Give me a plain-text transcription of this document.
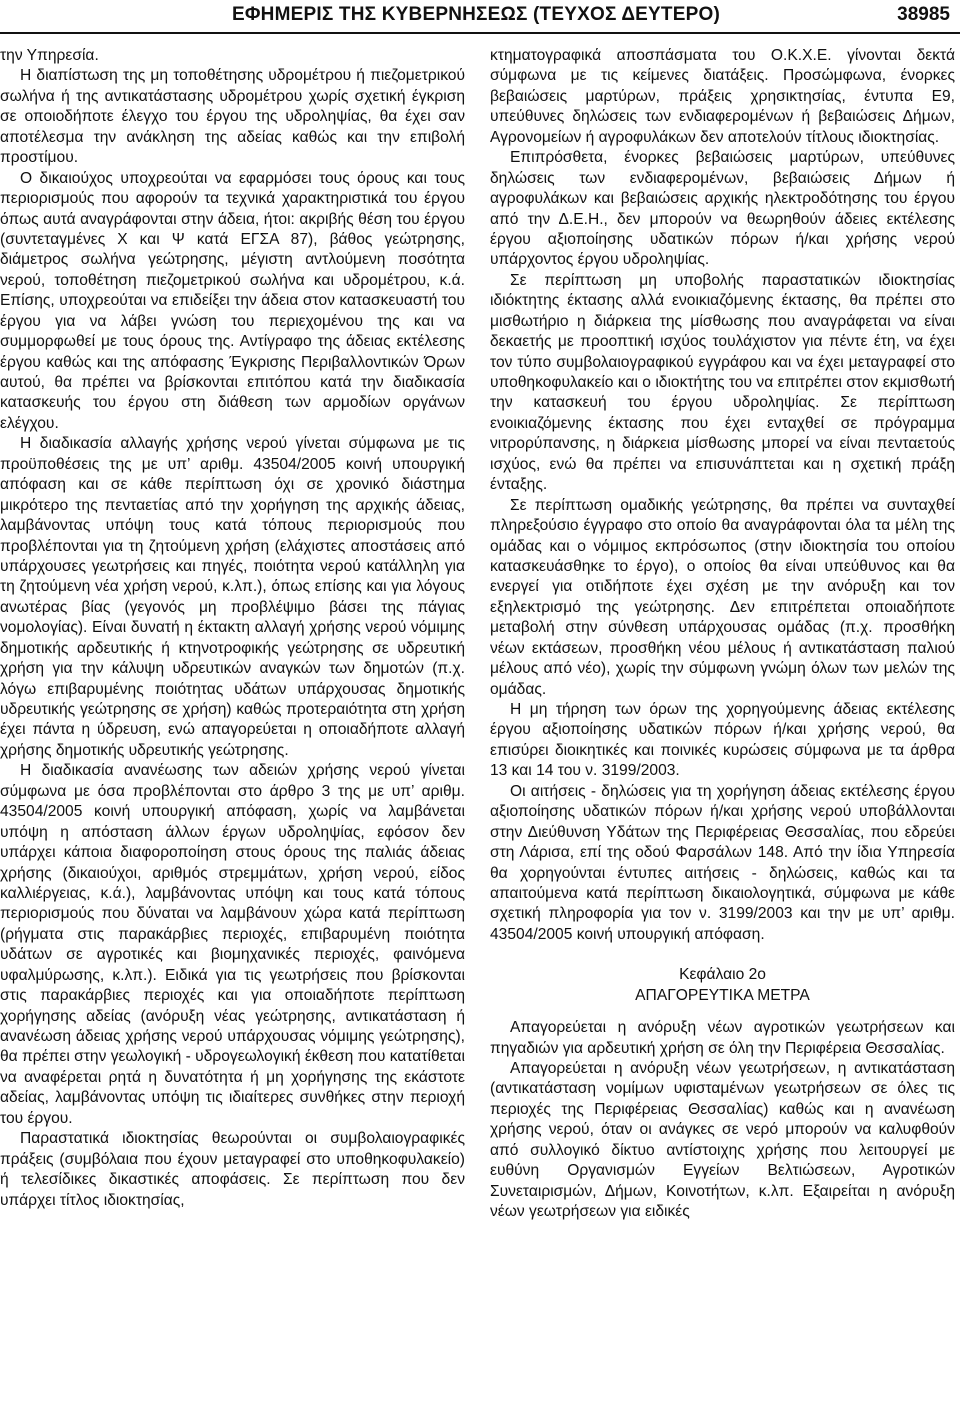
ΕΦΗΜΕΡΙΣ ΤΗΣ ΚΥΒΕΡΝΗΣΕΩΣ (ΤΕΥΧΟΣ ΔΕΥΤΕΡΟ)	38985

την Υπηρεσία.

Η διαπίστωση της μη τοποθέτησης υδρομέτρου ή πιεζομετρικού σωλήνα ή της αντικατάστασης υδρομέτρου χωρίς σχετική έγκριση σε οποιοδήποτε έλεγχο του έργου της υδροληψίας, θα έχει σαν αποτέλεσμα την ανάκληση της αδείας καθώς και την επιβολή προστίμου.

Ο δικαιούχος υποχρεούται να εφαρμόσει τους όρους και τους περιορισμούς που αφορούν τα τεχνικά χαρακτηριστικά του έργου όπως αυτά αναγράφονται στην άδεια, ήτοι: ακριβής θέση του έργου (συντεταγμένες Χ και Ψ κατά ΕΓΣΑ 87), βάθος γεώτρησης, διάμετρος σωλήνα γεώτρησης, μέγιστη αντλούμενη ποσότητα νερού, τοποθέτηση πιεζομετρικού σωλήνα και υδρομέτρου, κ.ά. Επίσης, υποχρεούται να επιδείξει την άδεια στον κατασκευαστή του έργου για να λάβει γνώση του περιεχομένου της και να συμμορφωθεί με τους όρους της. Αντίγραφο της άδειας εκτέλεσης έργου καθώς και της απόφασης Έγκρισης Περιβαλλοντικών Όρων αυτού, θα πρέπει να βρίσκονται επιτόπου κατά την διαδικασία κατασκευής του έργου στη διάθεση των αρμοδίων οργάνων ελέγχου.

Η διαδικασία αλλαγής χρήσης νερού γίνεται σύμφωνα με τις προϋποθέσεις της με υπ’ αριθμ. 43504/2005 κοινή υπουργική απόφαση και σε κάθε περίπτωση όχι σε χρονικό διάστημα μικρότερο της πενταετίας από την χορήγηση της αρχικής άδειας, λαμβάνοντας υπόψη τους κατά τόπους περιορισμούς που προβλέπονται για τη ζητούμενη χρήση (ελάχιστες αποστάσεις από υπάρχουσες γεωτρήσεις και πηγές, ποιότητα νερού κατάλληλη για τη ζητούμενη νέα χρήση νερού, κ.λπ.), όπως επίσης και για λόγους ανωτέρας βίας (γεγονός μη προβλέψιμο βάσει της πάγιας νομολογίας). Είναι δυνατή η έκτακτη αλλαγή χρήσης νερού νόμιμης δημοτικής αρδευτικής ή κτηνοτροφικής γεώτρησης σε υδρευτική χρήση για την κάλυψη υδρευτικών αναγκών των δημοτών (π.χ. λόγω επιβαρυμένης ποιότητας υδάτων υπάρχουσας δημοτικής υδρευτικής γεώτρησης σε χρήση) καθώς προτεραιότητα στη χρήση έχει πάντα η ύδρευση, ενώ απαγορεύεται η οποιαδήποτε αλλαγή χρήσης δημοτικής υδρευτικής γεώτρησης.

Η διαδικασία ανανέωσης των αδειών χρήσης νερού γίνεται σύμφωνα με όσα προβλέπονται στο άρθρο 3 της με υπ’ αριθμ. 43504/2005 κοινή υπουργική απόφαση, χωρίς να λαμβάνεται υπόψη η απόσταση άλλων έργων υδροληψίας, εφόσον δεν υπάρχει κάποια διαφοροποίηση στους όρους της παλιάς άδειας χρήσης (δικαιούχοι, αριθμός στρεμμάτων, χρήση νερού, είδος καλλιέργειας, κ.ά.), λαμβάνοντας υπόψη και τους κατά τόπους περιορισμούς που δύναται να λαμβάνουν χώρα κατά περίπτωση (ρήγματα στις παρακάρβιες περιοχές, επιβαρυμένη ποιότητα υδάτων σε αγροτικές και βιομηχανικές περιοχές, φαινόμενα υφαλμύρωσης, κ.λπ.). Ειδικά για τις γεωτρήσεις που βρίσκονται στις παρακάρβιες περιοχές και για οποιαδήποτε περίπτωση χορήγησης αδείας (ανόρυξη νέας γεώτρησης, αντικατάσταση ή ανανέωση άδειας χρήσης νερού υπάρχουσας νόμιμης γεώτρησης), θα πρέπει στην γεωλογική - υδρογεωλογική έκθεση που κατατίθεται να αναφέρεται ρητά η δυνατότητα ή μη χορήγησης της εκάστοτε αδείας, λαμβάνοντας υπόψη τις ιδιαίτερες συνθήκες στην περιοχή του έργου.

Παραστατικά ιδιοκτησίας θεωρούνται οι συμβολαιογραφικές πράξεις (συμβόλαια που έχουν μεταγραφεί στο υποθηκοφυλακείο) ή τελεσίδικες δικαστικές αποφάσεις. Σε περίπτωση που δεν υπάρχει τίτλος ιδιοκτησίας,

κτηματογραφικά αποσπάσματα του Ο.Κ.Χ.Ε. γίνονται δεκτά σύμφωνα με τις κείμενες διατάξεις. Προσώμφωνα, ένορκες βεβαιώσεις μαρτύρων, πράξεις χρησικτησίας, έντυπα Ε9, υπεύθυνες δηλώσεις των ενδιαφερομένων ή βεβαιώσεις Δήμων, Αγρονομείων ή αγροφυλάκων δεν αποτελούν τίτλους ιδιοκτησίας.

Επιπρόσθετα, ένορκες βεβαιώσεις μαρτύρων, υπεύθυνες δηλώσεις των ενδιαφερομένων, βεβαιώσεις Δήμων ή αγροφυλάκων και βεβαιώσεις αρχικής ηλεκτροδότησης του έργου από την Δ.Ε.Η., δεν μπορούν να θεωρηθούν άδειες εκτέλεσης έργου αξιοποίησης υδατικών πόρων ή/και χρήσης νερού υπάρχοντος έργου υδροληψίας.

Σε περίπτωση μη υποβολής παραστατικών ιδιοκτησίας ιδιόκτητης έκτασης αλλά ενοικιαζόμενης έκτασης, θα πρέπει στο μισθωτήριο η διάρκεια της μίσθωσης που αναγράφεται να είναι δεκαετής με προοπτική ισχύος τουλάχιστον για πέντε έτη, να έχει τον τύπο συμβολαιογραφικού εγγράφου και να έχει μεταγραφεί στο υποθηκοφυλακείο και ο ιδιοκτήτης του να επιτρέπει στον εκμισθωτή την κατασκευή του έργου υδροληψίας. Σε περίπτωση ενοικιαζόμενης έκτασης που έχει ενταχθεί σε πρόγραμμα νιτρορύπανσης, η διάρκεια μίσθωσης μπορεί να είναι πενταετούς ισχύος, ενώ θα πρέπει να επισυνάπτεται και η σχετική πράξη ένταξης.

Σε περίπτωση ομαδικής γεώτρησης, θα πρέπει να συνταχθεί πληρεξούσιο έγγραφο στο οποίο θα αναγράφονται όλα τα μέλη της ομάδας και ο νόμιμος εκπρόσωπος (στην ιδιοκτησία του οποίου κατασκευάσθηκε το έργο), ο οποίος θα είναι υπεύθυνος και θα ενεργεί για οτιδήποτε έχει σχέση με την ανόρυξη και τον εξηλεκτρισμό της γεώτρησης. Δεν επιτρέπεται οποιαδήποτε μεταβολή στην σύνθεση υπάρχουσας ομάδας (π.χ. προσθήκη νέων εκτάσεων, προσθήκη νέου μέλους ή αντικατάσταση παλιού μέλους από νέο), χωρίς την σύμφωνη γνώμη όλων των μελών της ομάδας.

Η μη τήρηση των όρων της χορηγούμενης άδειας εκτέλεσης έργου αξιοποίησης υδατικών πόρων ή/και χρήσης νερού, θα επισύρει διοικητικές και ποινικές κυρώσεις σύμφωνα με τα άρθρα 13 και 14 του ν. 3199/2003.

Οι αιτήσεις - δηλώσεις για τη χορήγηση άδειας εκτέλεσης έργου αξιοποίησης υδατικών πόρων ή/και χρήσης νερού υποβάλλονται στην Διεύθυνση Υδάτων της Περιφέρειας Θεσσαλίας, που εδρεύει στη Λάρισα, επί της οδού Φαρσάλων 148. Από την ίδια Υπηρεσία θα χορηγούνται έντυπες αιτήσεις - δηλώσεις, καθώς και τα απαιτούμενα κατά περίπτωση δικαιολογητικά, σύμφωνα με κάθε σχετική πληροφορία για τον ν. 3199/2003 και την με υπ’ αριθμ. 43504/2005 κοινή υπουργική απόφαση.

Κεφάλαιο 2ο

ΑΠΑΓΟΡΕΥΤΙΚΑ ΜΕΤΡΑ

Απαγορεύεται η ανόρυξη νέων αγροτικών γεωτρήσεων και πηγαδιών για αρδευτική χρήση σε όλη την Περιφέρεια Θεσσαλίας.

Απαγορεύεται η ανόρυξη νέων γεωτρήσεων, η αντικατάσταση (αντικατάσταση νομίμων υφισταμένων γεωτρήσεων σε όλες τις περιοχές της Περιφέρειας Θεσσαλίας) καθώς και η ανανέωση χρήσης νερού, όταν οι ανάγκες σε νερό μπορούν να καλυφθούν από συλλογικό δίκτυο αντίστοιχης χρήσης που λειτουργεί με ευθύνη Οργανισμών Εγγείων Βελτιώσεων, Αγροτικών Συνεταιρισμών, Δήμων, Κοινοτήτων, κ.λπ. Εξαιρείται η ανόρυξη νέων γεωτρήσεων για ειδικές
